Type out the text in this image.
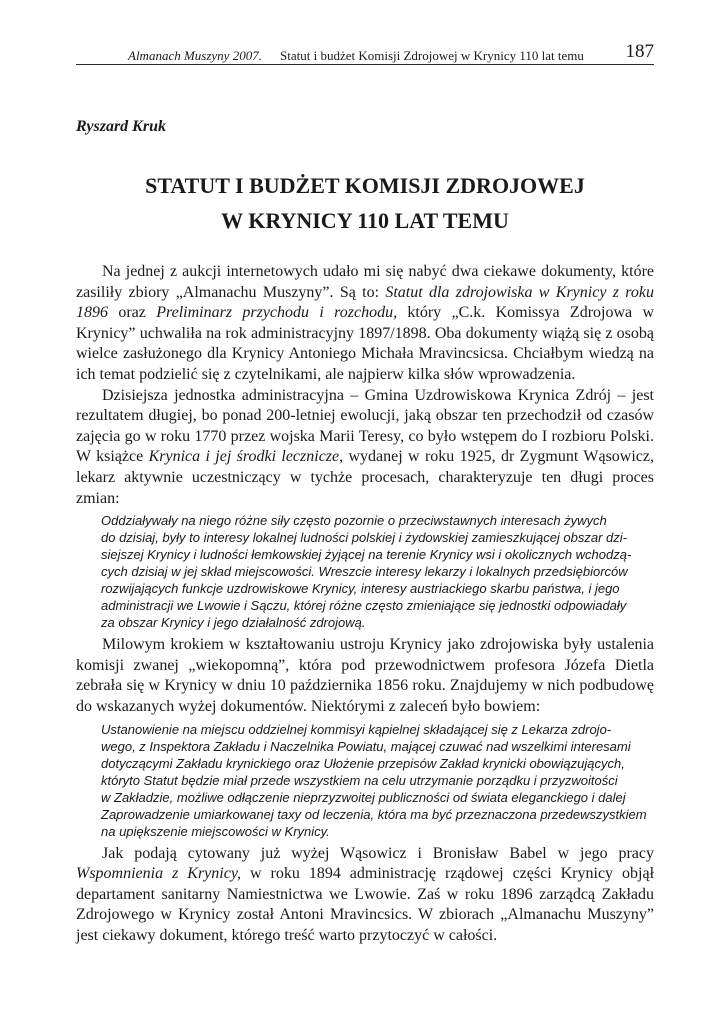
Almanach Muszyny 2007. Statut i budżet Komisji Zdrojowej w Krynicy 110 lat temu 187
Ryszard Kruk
STATUT I BUDŻET KOMISJI ZDROJOWEJ
W KRYNICY 110 LAT TEMU

Na jednej z aukcji internetowych udało mi się nabyć dwa ciekawe dokumenty, które zasiliły zbiory „Almanachu Muszyny”. Są to: Statut dla zdrojowiska w Krynicy z roku 1896 oraz Preliminarz przychodu i rozchodu, który „C.k. Komissya Zdrojowa w Krynicy” uchwaliła na rok administracyjny 1897/1898. Oba dokumenty wiążą się z osobą wielce zasłużonego dla Krynicy Antoniego Michała Mravincsicsa. Chciałbym wiedzą na ich temat podzielić się z czytelnikami, ale najpierw kilka słów wprowadzenia.

Dzisiejsza jednostka administracyjna – Gmina Uzdrowiskowa Krynica Zdrój – jest rezultatem długiej, bo ponad 200-letniej ewolucji, jaką obszar ten przechodził od czasów zajęcia go w roku 1770 przez wojska Marii Teresy, co było wstępem do I rozbioru Polski. W książce Krynica i jej środki lecznicze, wydanej w roku 1925, dr Zygmunt Wąsowicz, lekarz aktywnie uczestniczący w tychże procesach, charakteryzuje ten długi proces zmian:

Oddziaływały na niego różne siły często pozornie o przeciwstawnych interesach żywych
do dzisiaj, były to interesy lokalnej ludności polskiej i żydowskiej zamieszkującej obszar dzi-
siejszej Krynicy i ludności łemkowskiej żyjącej na terenie Krynicy wsi i okolicznych wchodzą-
cych dzisiaj w jej skład miejscowości. Wreszcie interesy lekarzy i lokalnych przedsiębiorców
rozwijających funkcje uzdrowiskowe Krynicy, interesy austriackiego skarbu państwa, i jego
administracji we Lwowie i Sączu, której różne często zmieniające się jednostki odpowiadały
za obszar Krynicy i jego działalność zdrojową.

Milowym krokiem w kształtowaniu ustroju Krynicy jako zdrojowiska były ustalenia komisji zwanej „wiekopomną”, która pod przewodnictwem profesora Józefa Dietla zebrała się w Krynicy w dniu 10 października 1856 roku. Znajdujemy w nich podbudowę do wskazanych wyżej dokumentów. Niektórymi z zaleceń było bowiem:

Ustanowienie na miejscu oddzielnej kommisyi kąpielnej składającej się z Lekarza zdrojo-
wego, z Inspektora Zakładu i Naczelnika Powiatu, mającej czuwać nad wszelkimi interesami
dotyczącymi Zakładu krynickiego oraz Ułożenie przepisów Zakład krynicki obowiązujących,
któryto Statut będzie miał przede wszystkiem na celu utrzymanie porządku i przyzwoitości
w Zakładzie, możliwe odłączenie nieprzyzwoitej publiczności od świata eleganckiego i dalej
Zaprowadzenie umiarkowanej taxy od leczenia, która ma być przeznaczona przedewszystkiem
na upiększenie miejscowości w Krynicy.

Jak podają cytowany już wyżej Wąsowicz i Bronisław Babel w jego pracy Wspomnienia z Krynicy, w roku 1894 administrację rządowej części Krynicy objął departament sanitarny Namiestnictwa we Lwowie. Zaś w roku 1896 zarządcą Zakładu Zdrojowego w Krynicy został Antoni Mravincsics. W zbiorach „Almanachu Muszyny” jest ciekawy dokument, którego treść warto przytoczyć w całości.
